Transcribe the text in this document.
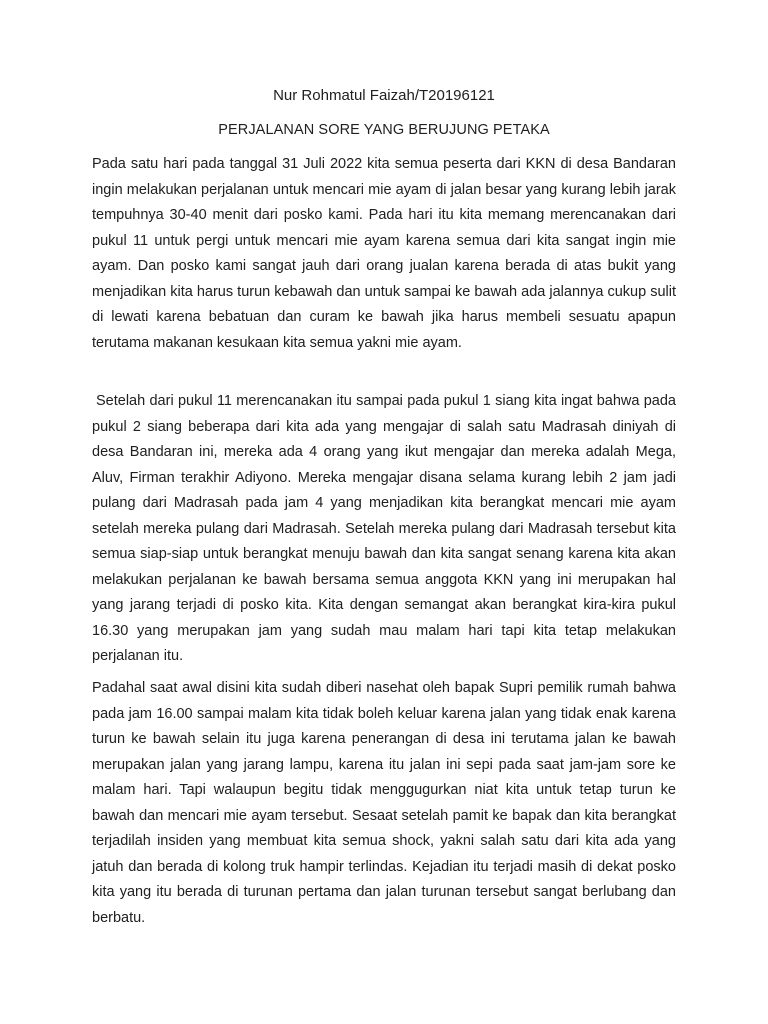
Nur Rohmatul Faizah/T20196121

PERJALANAN SORE YANG BERUJUNG PETAKA

Pada satu hari pada tanggal 31 Juli 2022 kita semua peserta dari KKN di desa Bandaran ingin melakukan perjalanan untuk mencari mie ayam di jalan besar yang kurang lebih jarak tempuhnya 30-40 menit dari posko kami. Pada hari itu kita memang merencanakan dari pukul 11 untuk pergi untuk mencari mie ayam karena semua dari kita sangat ingin mie ayam. Dan posko kami sangat jauh dari orang jualan karena berada di atas bukit yang menjadikan kita harus turun kebawah dan untuk sampai ke bawah ada jalannya cukup sulit di lewati karena bebatuan dan curam ke bawah jika harus membeli sesuatu apapun terutama makanan kesukaan kita semua yakni mie ayam.

Setelah dari pukul 11 merencanakan itu sampai pada pukul 1 siang kita ingat bahwa pada pukul 2 siang beberapa dari kita ada yang mengajar di salah satu Madrasah diniyah di desa Bandaran ini, mereka ada 4 orang yang ikut mengajar dan mereka adalah Mega, Aluv, Firman terakhir Adiyono. Mereka mengajar disana selama kurang lebih 2 jam jadi pulang dari Madrasah pada jam 4 yang menjadikan kita berangkat mencari mie ayam setelah mereka pulang dari Madrasah. Setelah mereka pulang dari Madrasah tersebut kita semua siap-siap untuk berangkat menuju bawah dan kita sangat senang karena kita akan melakukan perjalanan ke bawah bersama semua anggota KKN yang ini merupakan hal yang jarang terjadi di posko kita. Kita dengan semangat akan berangkat kira-kira pukul 16.30 yang merupakan jam yang sudah mau malam hari tapi kita tetap melakukan perjalanan itu.

Padahal saat awal disini kita sudah diberi nasehat oleh bapak Supri pemilik rumah bahwa pada jam 16.00 sampai malam kita tidak boleh keluar karena jalan yang tidak enak karena turun ke bawah selain itu juga karena penerangan di desa ini terutama jalan ke bawah merupakan jalan yang jarang lampu, karena itu jalan ini sepi pada saat jam-jam sore ke malam hari. Tapi walaupun begitu tidak menggugurkan niat kita untuk tetap turun ke bawah dan mencari mie ayam tersebut. Sesaat setelah pamit ke bapak dan kita berangkat terjadilah insiden yang membuat kita semua shock, yakni salah satu dari kita ada yang jatuh dan berada di kolong truk hampir terlindas. Kejadian itu terjadi masih di dekat posko kita yang itu berada di turunan pertama dan jalan turunan tersebut sangat berlubang dan berbatu.
